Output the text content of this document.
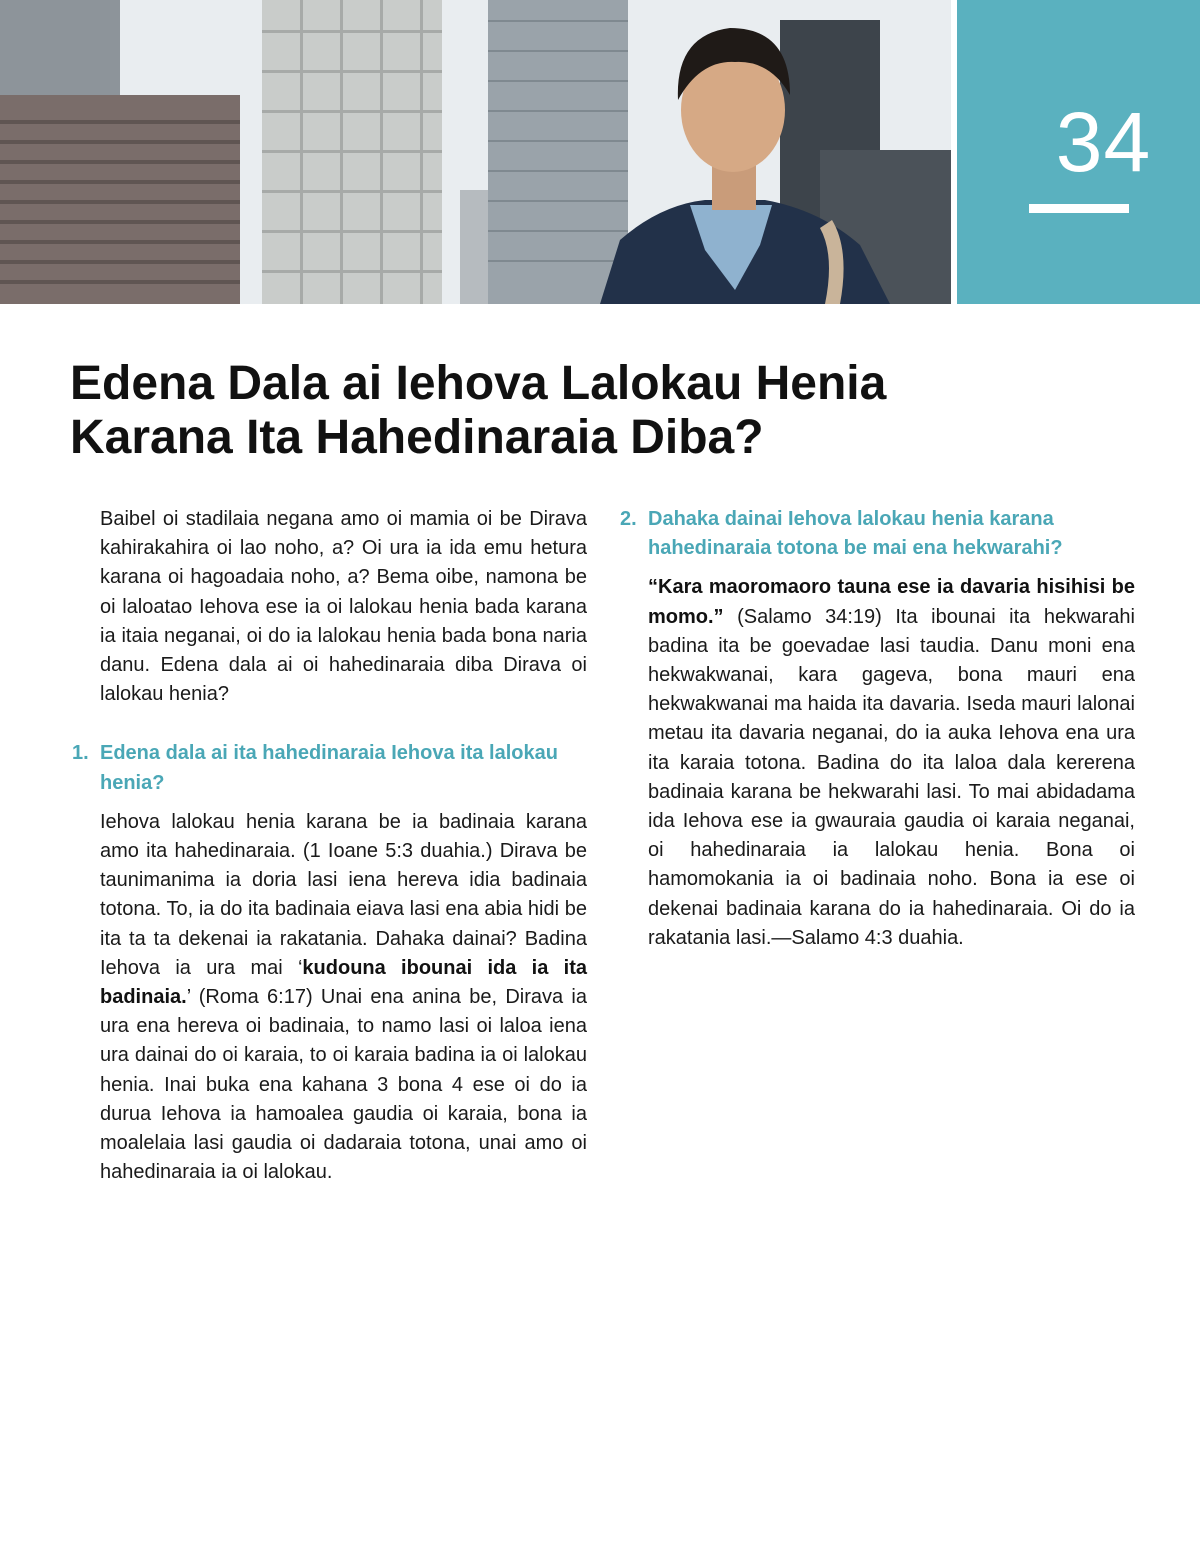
34
Edena Dala ai Iehova Lalokau Henia
Karana Ita Hahedinaraia Diba?

Baibel oi stadilaia negana amo oi mamia oi be Dirava kahirakahira oi lao noho, a? Oi ura ia ida emu hetura karana oi hagoadaia noho, a? Bema oibe, namona be oi laloatao Iehova ese ia oi lalokau henia bada karana ia itaia neganai, oi do ia lalokau henia bada bona naria danu. Edena dala ai oi hahedinaraia diba Dirava oi lalokau henia?

1. Edena dala ai ita hahedinaraia Iehova ita lalokau henia?

Iehova lalokau henia karana be ia badinaia karana amo ita hahedinaraia. (1 Ioane 5:3 duahia.) Dirava be taunimanima ia doria lasi iena hereva idia badinaia totona. To, ia do ita badinaia eiava lasi ena abia hidi be ita ta ta dekenai ia rakatania. Dahaka dainai? Badina Iehova ia ura mai ‘kudouna ibounai ida ia ita badinaia.’ (Roma 6:17) Unai ena anina be, Dirava ia ura ena hereva oi badinaia, to namo lasi oi laloa iena ura dainai do oi karaia, to oi karaia badina ia oi lalokau henia. Inai buka ena kahana 3 bona 4 ese oi do ia durua Iehova ia hamoalea gaudia oi karaia, bona ia moalelaia lasi gaudia oi dadaraia totona, unai amo oi hahedinaraia ia oi lalokau.

2. Dahaka dainai Iehova lalokau henia karana hahedinaraia totona be mai ena hekwarahi?

“Kara maoromaoro tauna ese ia davaria hisihisi be momo.” (Salamo 34:19) Ita ibounai ita hekwarahi badina ita be goevadae lasi taudia. Danu moni ena hekwakwanai, kara gageva, bona mauri ena hekwakwanai ma haida ita davaria. Iseda mauri lalonai metau ita davaria neganai, do ia auka Iehova ena ura ita karaia totona. Badina do ita laloa dala kererena badinaia karana be hekwarahi lasi. To mai abidadama ida Iehova ese ia gwauraia gaudia oi karaia neganai, oi hahedinaraia ia lalokau henia. Bona oi hamomokania ia oi badinaia noho. Bona ia ese oi dekenai badinaia karana do ia hahedinaraia. Oi do ia rakatania lasi.—Salamo 4:3 duahia.
